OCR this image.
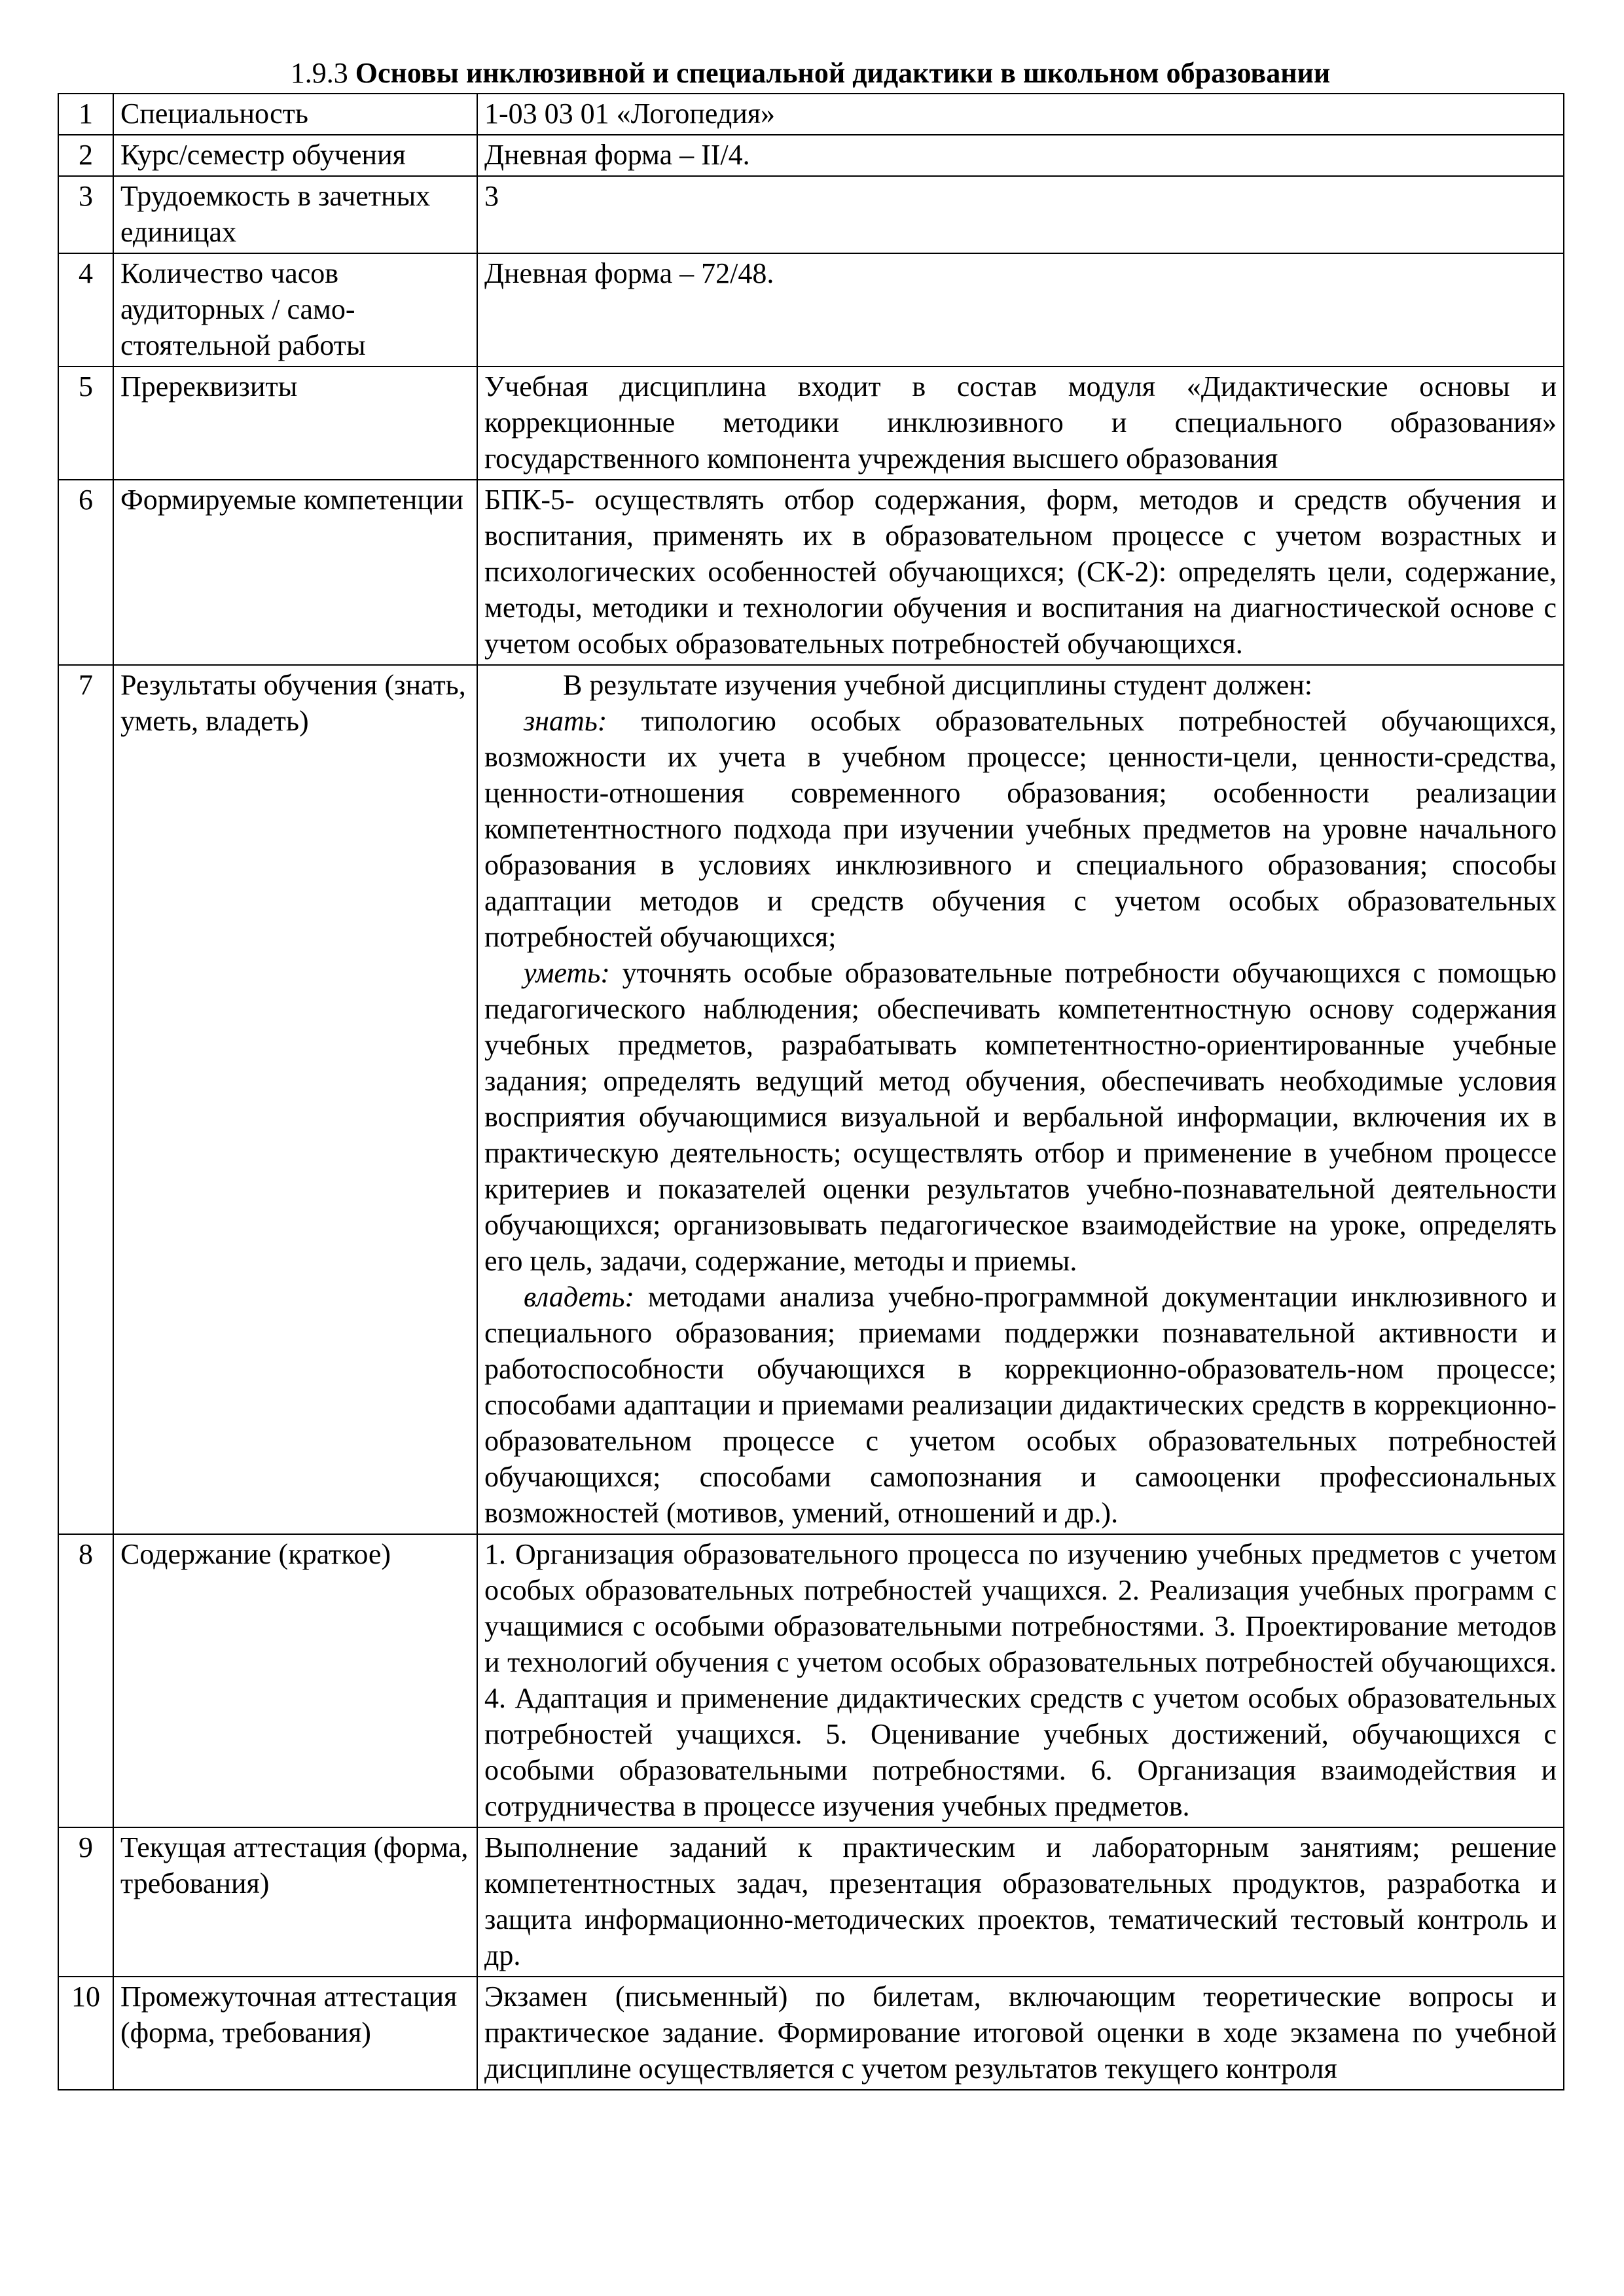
1.9.3 Основы инклюзивной и специальной дидактики в школьном образовании
1	Специальность	1-03 03 01 «Логопедия»
2	Курс/семестр обучения	Дневная форма – II/4.
3	Трудоемкость в зачетных единицах	3
4	Количество часов аудиторных / само-стоятельной работы	Дневная форма – 72/48.
5	Пререквизиты	Учебная дисциплина входит в состав модуля «Дидактические основы и коррекционные методики инклюзивного и специального образования» государственного компонента учреждения высшего образования
6	Формируемые компетенции	БПК-5- осуществлять отбор содержания, форм, методов и средств обучения и воспитания, применять их в образовательном процессе с учетом возрастных и психологических особенностей обучающихся; (СК-2): определять цели, содержание, методы, методики и технологии обучения и воспитания на диагностической основе с учетом особых образовательных потребностей обучающихся.
7	Результаты обучения (знать, уметь, владеть)	В результате изучения учебной дисциплины студент должен:
знать: типологию особых образовательных потребностей обучающихся, возможности их учета в учебном процессе; ценности-цели, ценности-средства, ценности-отношения современного образования; особенности реализации компетентностного подхода при изучении учебных предметов на уровне начального образования в условиях инклюзивного и специального образования; способы адаптации методов и средств обучения с учетом особых образовательных потребностей обучающихся;
уметь: уточнять особые образовательные потребности обучающихся с помощью педагогического наблюдения; обеспечивать компетентностную основу содержания учебных предметов, разрабатывать компетентностно-ориентированные учебные задания; определять ведущий метод обучения, обеспечивать необходимые условия восприятия обучающимися визуальной и вербальной информации, включения их в практическую деятельность; осуществлять отбор и применение в учебном процессе критериев и показателей оценки результатов учебно-познавательной деятельности обучающихся; организовывать педагогическое взаимодействие на уроке, определять его цель, задачи, содержание, методы и приемы.
владеть: методами анализа учебно-программной документации инклюзивного и специального образования; приемами поддержки познавательной активности и работоспособности обучающихся в коррекционно-образователь-ном процессе; способами адаптации и приемами реализации дидактических средств в коррекционно-образовательном процессе с учетом особых образовательных потребностей обучающихся; способами самопознания и самооценки профессиональных возможностей (мотивов, умений, отношений и др.).

8	Содержание (краткое)	1. Организация образовательного процесса по изучению учебных предметов с учетом особых образовательных потребностей учащихся. 2. Реализация учебных программ с учащимися с особыми образовательными потребностями. 3. Проектирование методов и технологий обучения с учетом особых образовательных потребностей обучающихся. 4. Адаптация и применение дидактических средств с учетом особых образовательных потребностей учащихся. 5. Оценивание учебных достижений, обучающихся с особыми образовательными потребностями. 6. Организация взаимодействия и сотрудничества в процессе изучения учебных предметов.
9	Текущая аттестация (форма, требования)	Выполнение заданий к практическим и лабораторным занятиям; решение компетентностных задач, презентация образовательных продуктов, разработка и защита информационно-методических проектов, тематический тестовый контроль и др.
10	Промежуточная аттестация (форма, требования)	Экзамен (письменный) по билетам, включающим теоретические вопросы и практическое задание. Формирование итоговой оценки в ходе экзамена по учебной дисциплине осуществляется с учетом результатов текущего контроля
